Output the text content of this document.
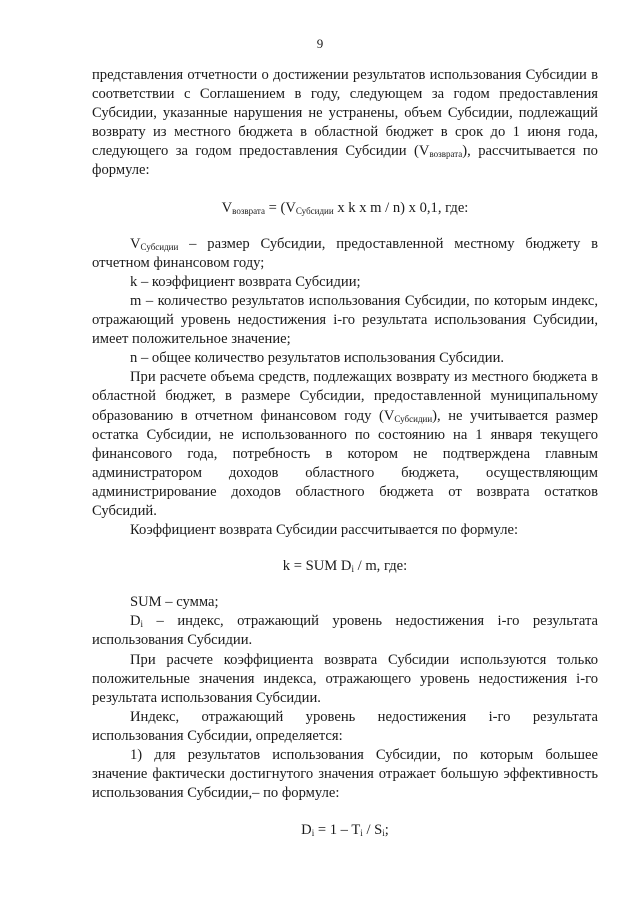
9

представления отчетности о достижении результатов использования Субсидии в соответствии с Соглашением в году, следующем за годом предоставления Субсидии, указанные нарушения не устранены, объем Субсидии, подлежащий возврату из местного бюджета в областной бюджет в срок до 1 июня года, следующего за годом предоставления Субсидии $(V_{возврата})$, рассчитывается по формуле:

$V_{возврата} = (V_{Субсидии}$ x k x m / n) x 0,1, где:

$V_{Субсидии}$ – размер Субсидии, предоставленной местному бюджету в отчетном финансовом году;

k – коэффициент возврата Субсидии;

m – количество результатов использования Субсидии, по которым индекс, отражающий уровень недостижения i-го результата использования Субсидии, имеет положительное значение;

n – общее количество результатов использования Субсидии.

При расчете объема средств, подлежащих возврату из местного бюджета в областной бюджет, в размере Субсидии, предоставленной муниципальному образованию в отчетном финансовом году $(V_{Субсидии})$, не учитывается размер остатка Субсидии, не использованного по состоянию на 1 января текущего финансового года, потребность в котором не подтверждена главным администратором доходов областного бюджета, осуществляющим администрирование доходов областного бюджета от возврата остатков Субсидий.

Коэффициент возврата Субсидии рассчитывается по формуле:

k = SUM $D_i$ / m, где:

SUM – сумма;

$D_i$ – индекс, отражающий уровень недостижения i-го результата использования Субсидии.

При расчете коэффициента возврата Субсидии используются только положительные значения индекса, отражающего уровень недостижения i-го результата использования Субсидии.

Индекс, отражающий уровень недостижения i-го результата использования Субсидии, определяется:

1) для результатов использования Субсидии, по которым большее значение фактически достигнутого значения отражает большую эффективность использования Субсидии,– по формуле:

$D_i = 1 - T_i / S_i$;
